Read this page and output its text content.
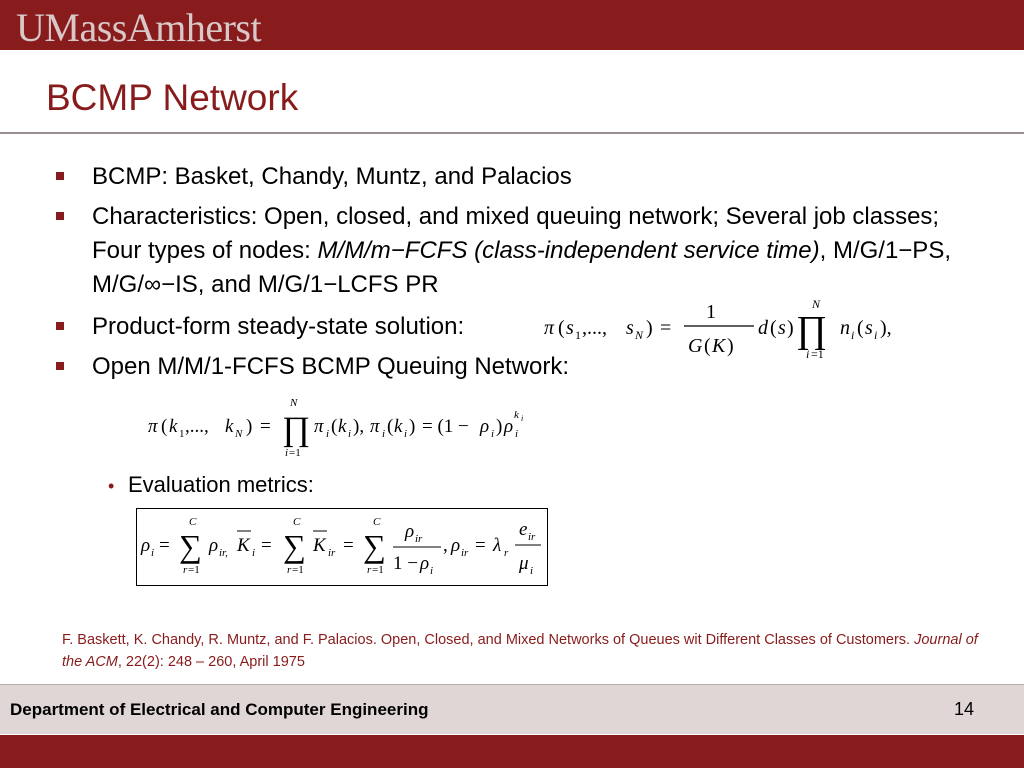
UMassAmherst
BCMP Network
BCMP: Basket, Chandy, Muntz, and Palacios
Characteristics: Open, closed, and mixed queuing network; Several job classes; Four types of nodes: M/M/m−FCFS (class-independent service time), M/G/1−PS, M/G/∞−IS, and M/G/1−LCFS PR
Product-form steady-state solution:
Open M/M/1-FCFS BCMP Queuing Network:
π ( s 1 ,..., s N ) =
1
G ( K )
d ( s )
N
∏
i =1
n i ( s i ),
π ( k 1 ,..., k N ) =
N
∏
i =1
π i ( k i ), π i ( k i ) = (1 − ρ i ) ρ i
k i
• Evaluation metrics:
ρ i =
C
∑
r =1
ρ ir, K i =
C
∑
r =1
K ir =
C
∑
r =1
ρ ir
1 − ρ i
, ρ ir = λ r
e ir
μ i
F. Baskett, K. Chandy, R. Muntz, and F. Palacios. Open, Closed, and Mixed Networks of Queues wit Different Classes of Customers. Journal of the ACM, 22(2): 248 – 260, April 1975
Department of Electrical and Computer Engineering	14
